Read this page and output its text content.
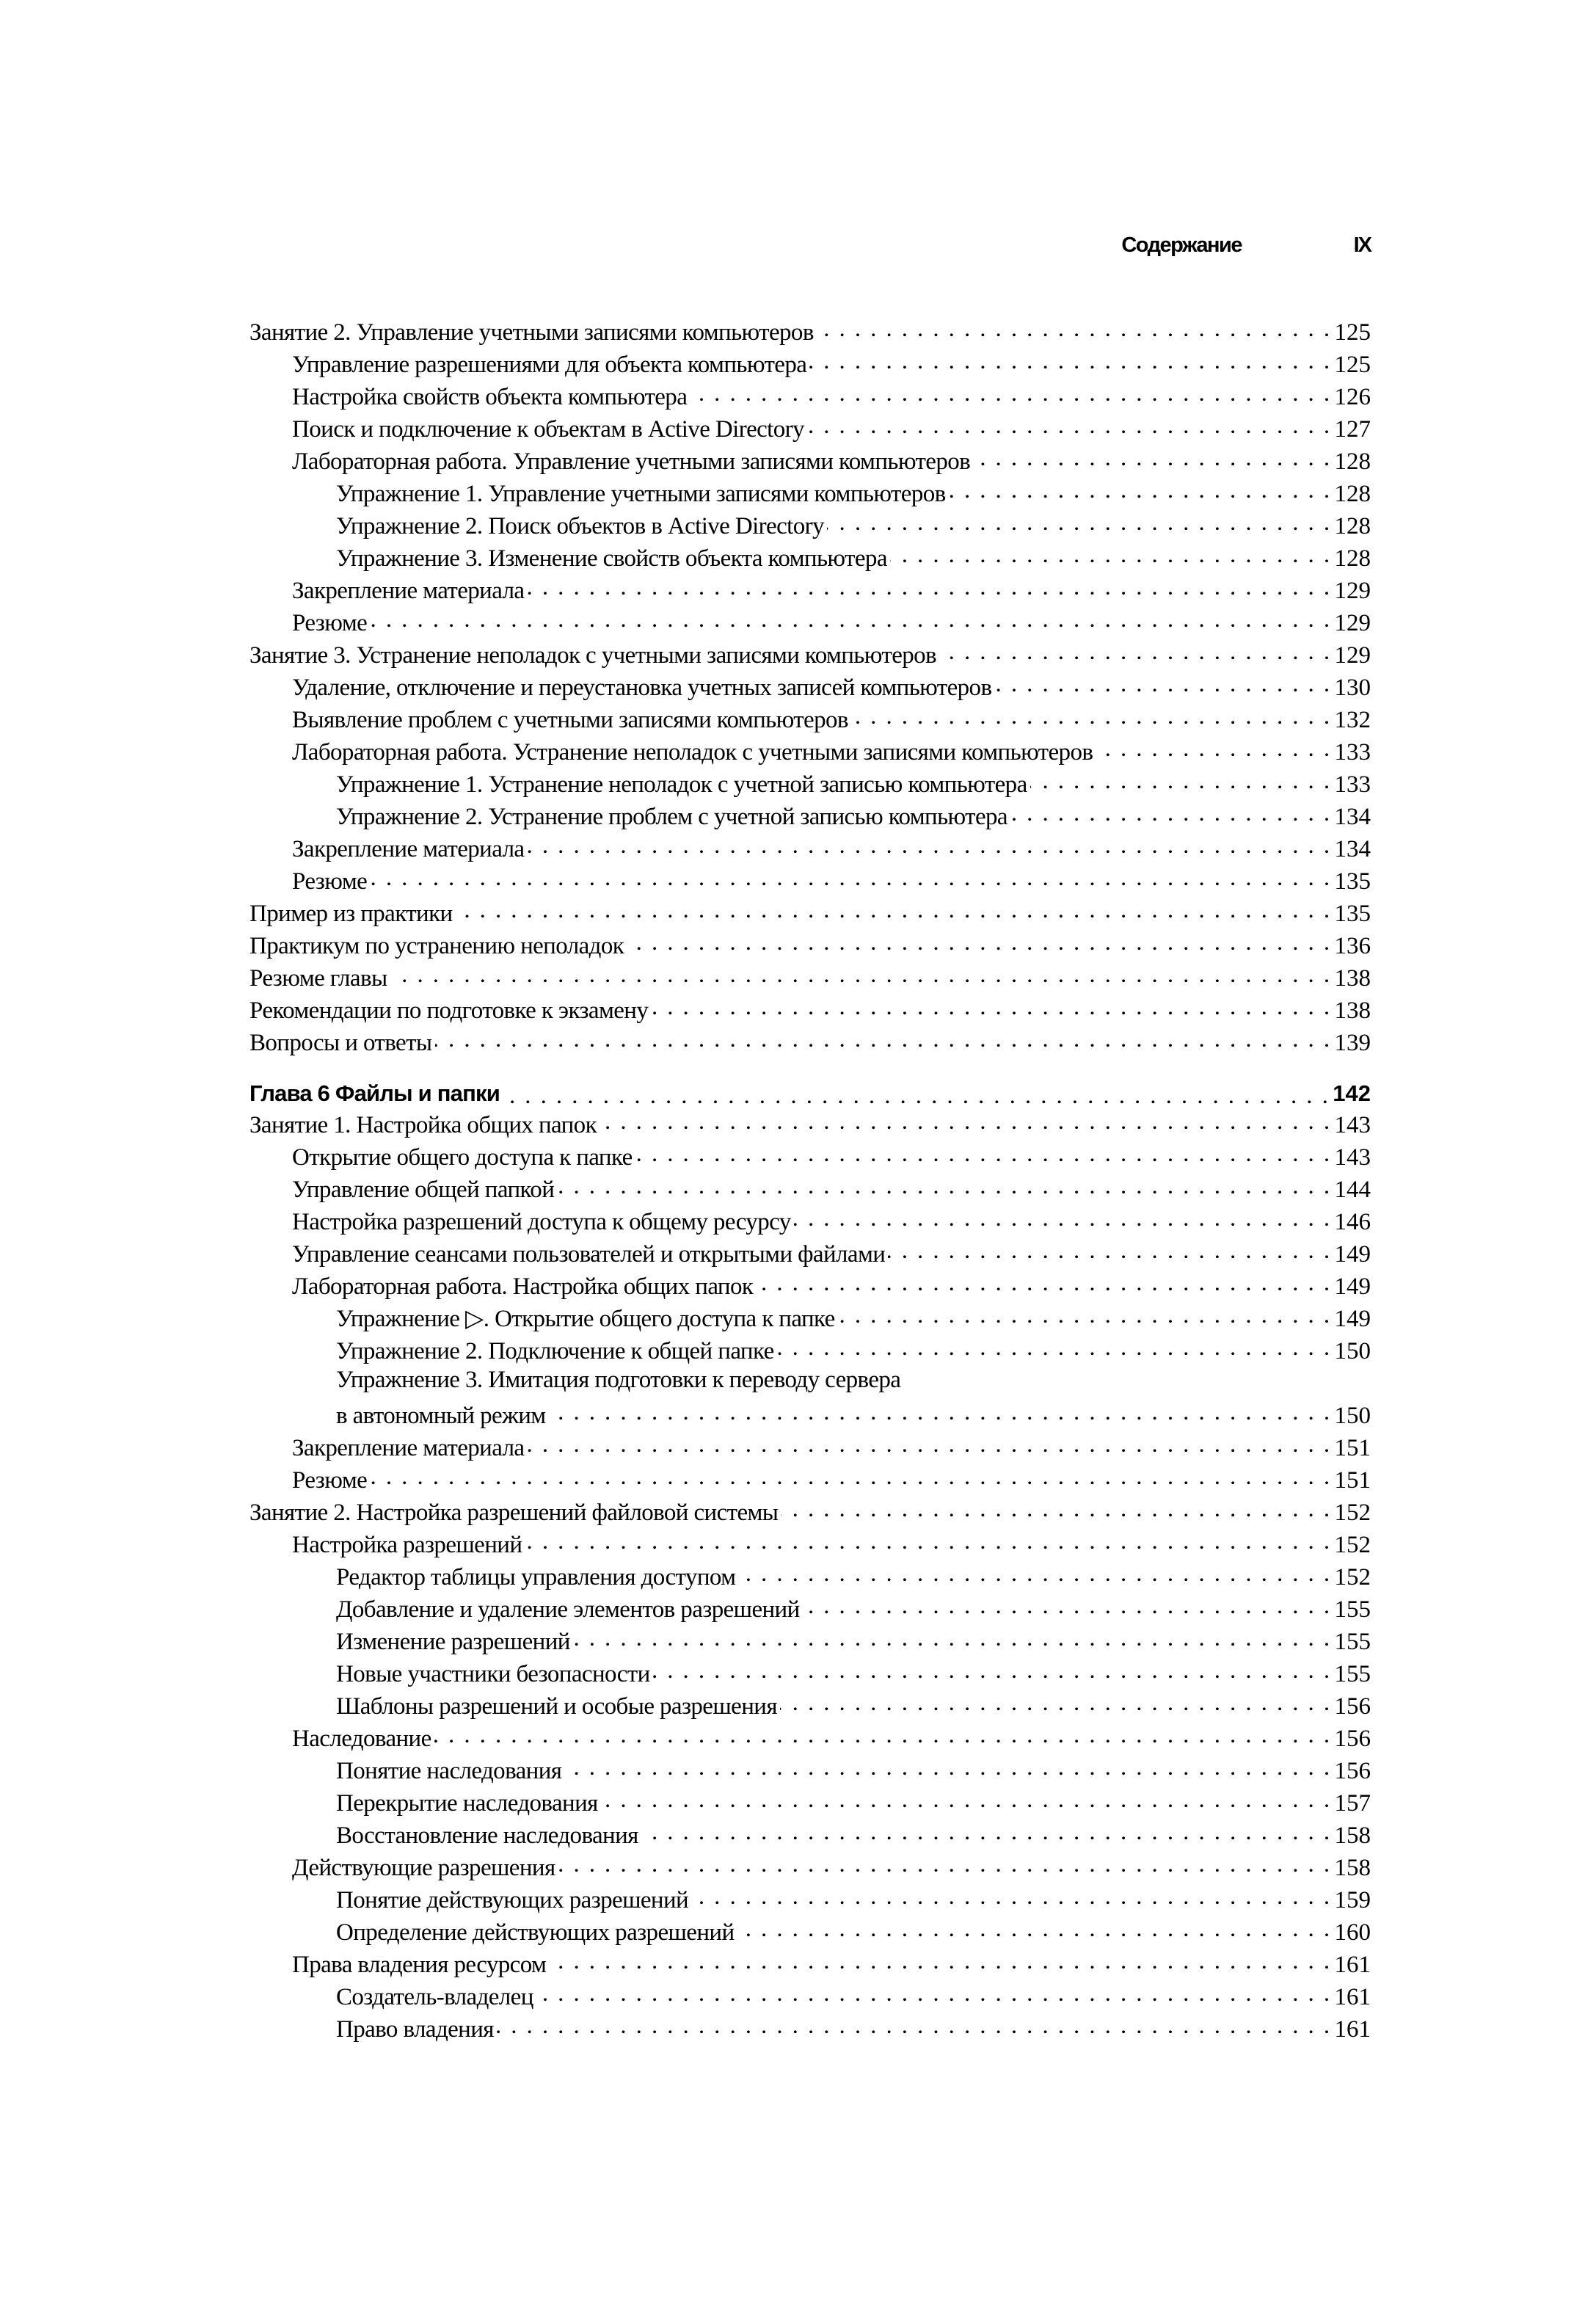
Содержание	IX
Занятие 2. Управление учетными записями компьютеров . . .	125
Управление разрешениями для объекта компьютера . . .	125
Настройка свойств объекта компьютера . . .	126
Поиск и подключение к объектам в Active Directory . . .	127
Лабораторная работа. Управление учетными записями компьютеров . . .	128
Упражнение 1. Управление учетными записями компьютеров . . .	128
Упражнение 2. Поиск объектов в Active Directory . . .	128
Упражнение 3. Изменение свойств объекта компьютера . . .	128
Закрепление материала . . .	129
Резюме . . .	129
Занятие 3. Устранение неполадок с учетными записями компьютеров . . .	129
Удаление, отключение и переустановка учетных записей компьютеров . . .	130
Выявление проблем с учетными записями компьютеров . . .	132
Лабораторная работа. Устранение неполадок с учетными записями компьютеров . . .	133
Упражнение 1. Устранение неполадок с учетной записью компьютера . . .	133
Упражнение 2. Устранение проблем с учетной записью компьютера . . .	134
Закрепление материала . . .	134
Резюме . . .	135
Пример из практики . . .	135
Практикум по устранению неполадок . . .	136
Резюме главы . . .	138
Рекомендации по подготовке к экзамену . . .	138
Вопросы и ответы . . .	139
Глава 6 Файлы и папки . . .	142
Занятие 1. Настройка общих папок . . .	143
Открытие общего доступа к папке . . .	143
Управление общей папкой . . .	144
Настройка разрешений доступа к общему ресурсу . . .	146
Управление сеансами пользователей и открытыми файлами . . .	149
Лабораторная работа. Настройка общих папок . . .	149
Упражнение ▷. Открытие общего доступа к папке . . .	149
Упражнение 2. Подключение к общей папке . . .	150
Упражнение 3. Имитация подготовки к переводу сервера
в автономный режим . . .	150
Закрепление материала . . .	151
Резюме . . .	151
Занятие 2. Настройка разрешений файловой системы . . .	152
Настройка разрешений . . .	152
Редактор таблицы управления доступом . . .	152
Добавление и удаление элементов разрешений . . .	155
Изменение разрешений . . .	155
Новые участники безопасности . . .	155
Шаблоны разрешений и особые разрешения . . .	156
Наследование . . .	156
Понятие наследования . . .	156
Перекрытие наследования . . .	157
Восстановление наследования . . .	158
Действующие разрешения . . .	158
Понятие действующих разрешений . . .	159
Определение действующих разрешений . . .	160
Права владения ресурсом . . .	161
Создатель-владелец . . .	161
Право владения . . .	161
